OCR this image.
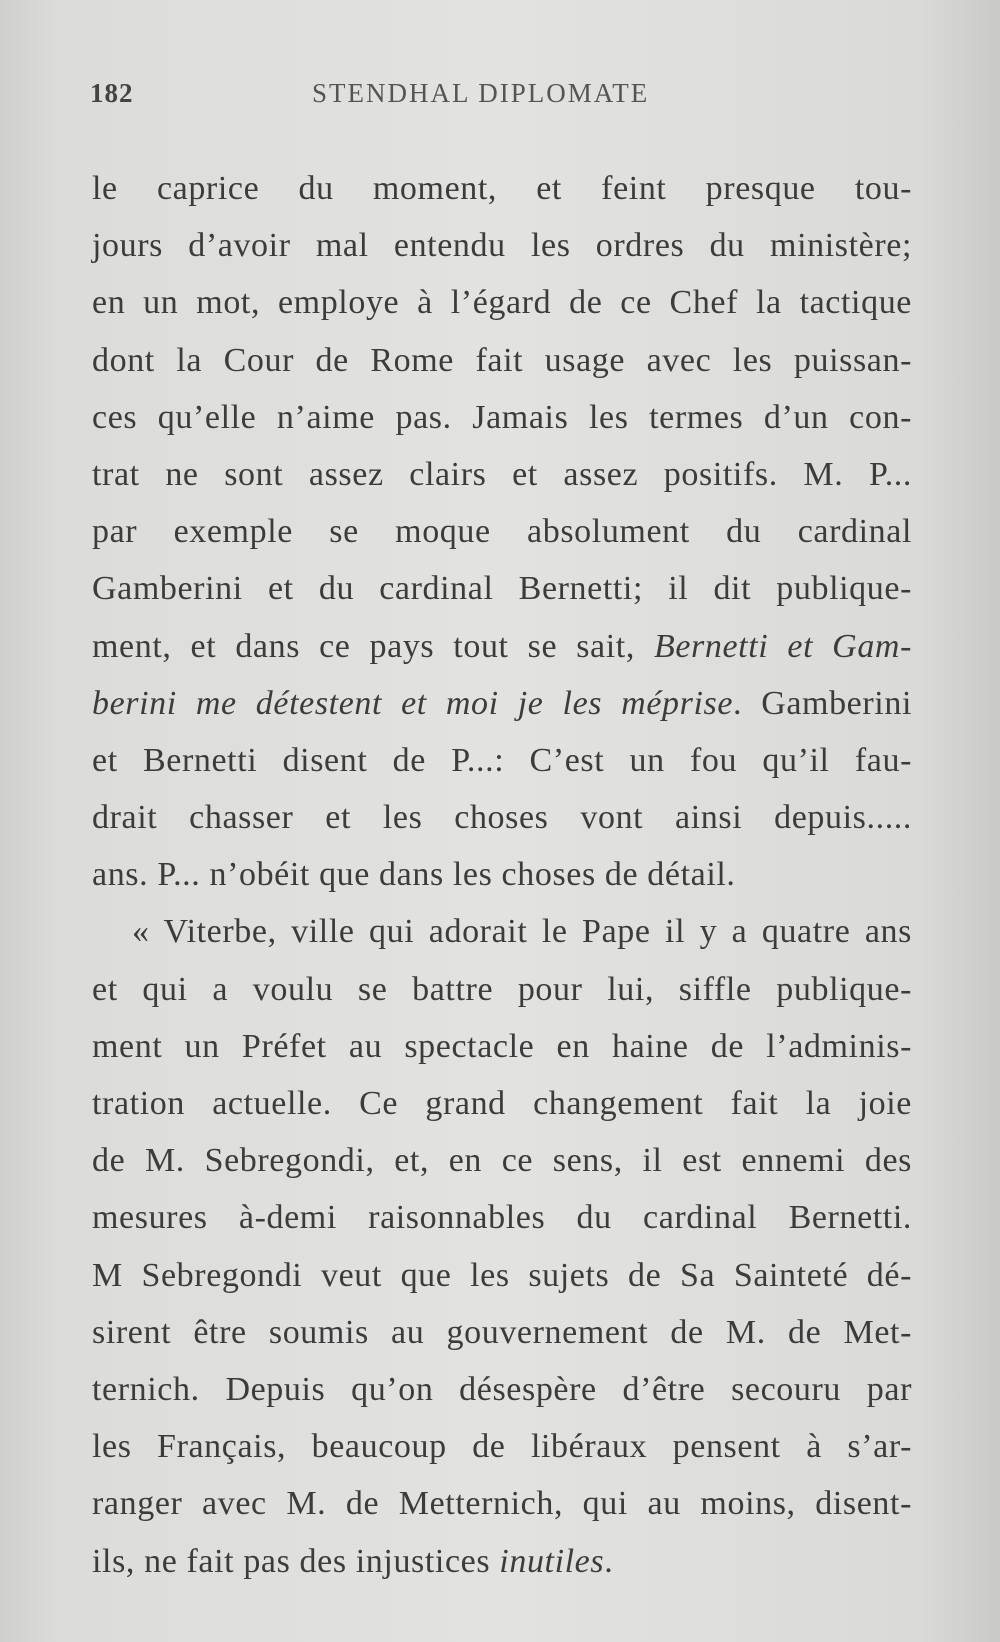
182	STENDHAL DIPLOMATE
le caprice du moment, et feint presque tou-
jours d’avoir mal entendu les ordres du ministère;
en un mot, employe à l’égard de ce Chef la tactique
dont la Cour de Rome fait usage avec les puissan-
ces qu’elle n’aime pas. Jamais les termes d’un con-
trat ne sont assez clairs et assez positifs. M. P...
par exemple se moque absolument du cardinal
Gamberini et du cardinal Bernetti; il dit publique-
ment, et dans ce pays tout se sait, Bernetti et Gam-
berini me détestent et moi je les méprise. Gamberini
et Bernetti disent de P...: C’est un fou qu’il fau-
drait chasser et les choses vont ainsi depuis.....
ans. P... n’obéit que dans les choses de détail.
« Viterbe, ville qui adorait le Pape il y a quatre ans
et qui a voulu se battre pour lui, siffle publique-
ment un Préfet au spectacle en haine de l’adminis-
tration actuelle. Ce grand changement fait la joie
de M. Sebregondi, et, en ce sens, il est ennemi des
mesures à-demi raisonnables du cardinal Bernetti.
M Sebregondi veut que les sujets de Sa Sainteté dé-
sirent être soumis au gouvernement de M. de Met-
ternich. Depuis qu’on désespère d’être secouru par
les Français, beaucoup de libéraux pensent à s’ar-
ranger avec M. de Metternich, qui au moins, disent-
ils, ne fait pas des injustices inutiles.
